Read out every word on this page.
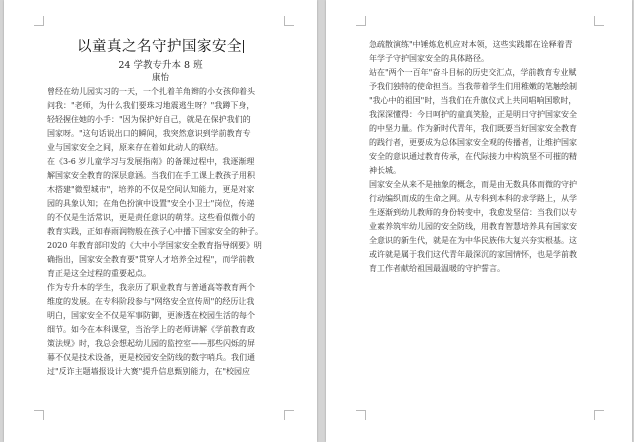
以童真之名守护国家安全
24 学教专升本 8 班
康怡
曾经在幼儿园实习的一天，一个扎着羊角辫的小女孩仰着头
问我："老师，为什么我们要珠习地震逃生呀？"我蹲下身，
轻轻握住她的小手："因为保护好自己，就是在保护我们的
国家呀。"这句话说出口的瞬间，我突然意识到学前教育专
业与国家安全之间，原来存在着如此动人的联结。
在《3-6 岁儿童学习与发展指南》的备课过程中，我逐渐理
解国家安全教育的深层意涵。当我们在手工课上教孩子用积
木搭建"微型城市"，培养的不仅是空间认知能力，更是对家
园的具象认知；在角色扮演中设置"安全小卫士"岗位，传递
的不仅是生活常识，更是责任意识的萌芽。这些看似微小的
教育实践，正如春雨润物般在孩子心中播下国家安全的种子。
2020 年教育部印发的《大中小学国家安全教育指导纲要》明
确指出，国家安全教育要"贯穿人才培养全过程"，而学前教
育正是这全过程的重要起点。
作为专升本的学生，我亲历了职业教育与普通高等教育两个
维度的发展。在专科阶段参与"网络安全宣传周"的经历让我
明白，国家安全不仅是军事防御，更渗透在校园生活的每个
细节。如今在本科课堂，当治学上的老师讲解《学前教育政
策法规》时，我总会想起幼儿园的监控室——那些闪烁的屏
幕不仅是技术设备，更是校园安全防线的数字哨兵。我们通
过"反诈主题墙报设计大赛"提升信息甄别能力，在"校园应
急疏散演练"中锤炼危机应对本领，这些实践都在诠释着青
年学子守护国家安全的具体路径。
站在"两个一百年"奋斗目标的历史交汇点，学前教育专业赋
予我们独特的使命担当。当我带着学生们用稚嫩的笔触绘制
"我心中的祖国"时，当我们在升旗仪式上共同唱响国歌时，
我深深懂得：今日呵护的童真笑脸，正是明日守护国家安全
的中坚力量。作为新时代青年，我们既要当好国家安全教育
的践行者，更要成为总体国家安全观的传播者，让维护国家
安全的意识通过教育传承，在代际接力中构筑坚不可摧的精
神长城。
国家安全从来不是抽象的概念，而是由无数具体而微的守护
行动编织而成的生命之网。从专科到本科的求学路上，从学
生逐渐到幼儿教师的身份转变中，我愈发坚信：当我们以专
业素养筑牢幼儿园的安全防线，用教育智慧培养具有国家安
全意识的新生代，就是在为中华民族伟大复兴夯实根基。这
或许就是属于我们这代青年最深沉的家国情怀，也是学前教
育工作者献给祖国最温暖的守护誓言。
